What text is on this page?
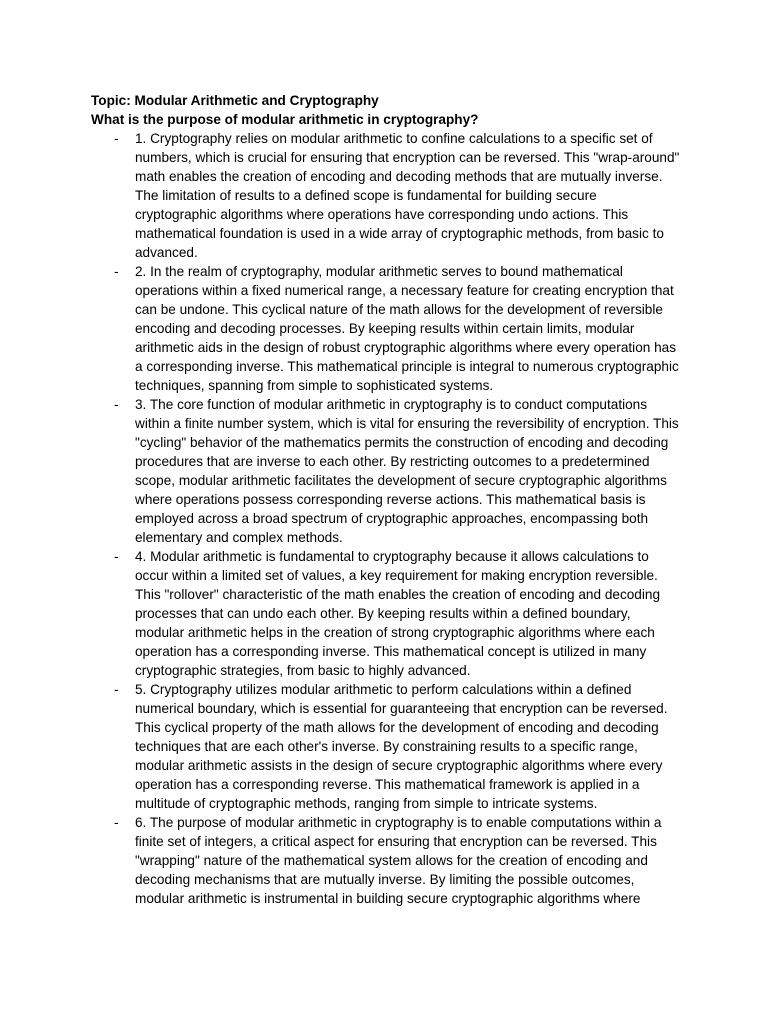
Topic: Modular Arithmetic and Cryptography
What is the purpose of modular arithmetic in cryptography?
- 1. Cryptography relies on modular arithmetic to confine calculations to a specific set of numbers, which is crucial for ensuring that encryption can be reversed. This "wrap-around" math enables the creation of encoding and decoding methods that are mutually inverse. The limitation of results to a defined scope is fundamental for building secure cryptographic algorithms where operations have corresponding undo actions. This mathematical foundation is used in a wide array of cryptographic methods, from basic to advanced.
- 2. In the realm of cryptography, modular arithmetic serves to bound mathematical operations within a fixed numerical range, a necessary feature for creating encryption that can be undone. This cyclical nature of the math allows for the development of reversible encoding and decoding processes. By keeping results within certain limits, modular arithmetic aids in the design of robust cryptographic algorithms where every operation has a corresponding inverse. This mathematical principle is integral to numerous cryptographic techniques, spanning from simple to sophisticated systems.
- 3. The core function of modular arithmetic in cryptography is to conduct computations within a finite number system, which is vital for ensuring the reversibility of encryption. This "cycling" behavior of the mathematics permits the construction of encoding and decoding procedures that are inverse to each other. By restricting outcomes to a predetermined scope, modular arithmetic facilitates the development of secure cryptographic algorithms where operations possess corresponding reverse actions. This mathematical basis is employed across a broad spectrum of cryptographic approaches, encompassing both elementary and complex methods.
- 4. Modular arithmetic is fundamental to cryptography because it allows calculations to occur within a limited set of values, a key requirement for making encryption reversible. This "rollover" characteristic of the math enables the creation of encoding and decoding processes that can undo each other. By keeping results within a defined boundary, modular arithmetic helps in the creation of strong cryptographic algorithms where each operation has a corresponding inverse. This mathematical concept is utilized in many cryptographic strategies, from basic to highly advanced.
- 5. Cryptography utilizes modular arithmetic to perform calculations within a defined numerical boundary, which is essential for guaranteeing that encryption can be reversed. This cyclical property of the math allows for the development of encoding and decoding techniques that are each other's inverse. By constraining results to a specific range, modular arithmetic assists in the design of secure cryptographic algorithms where every operation has a corresponding reverse. This mathematical framework is applied in a multitude of cryptographic methods, ranging from simple to intricate systems.
- 6. The purpose of modular arithmetic in cryptography is to enable computations within a finite set of integers, a critical aspect for ensuring that encryption can be reversed. This "wrapping" nature of the mathematical system allows for the creation of encoding and decoding mechanisms that are mutually inverse. By limiting the possible outcomes, modular arithmetic is instrumental in building secure cryptographic algorithms where
